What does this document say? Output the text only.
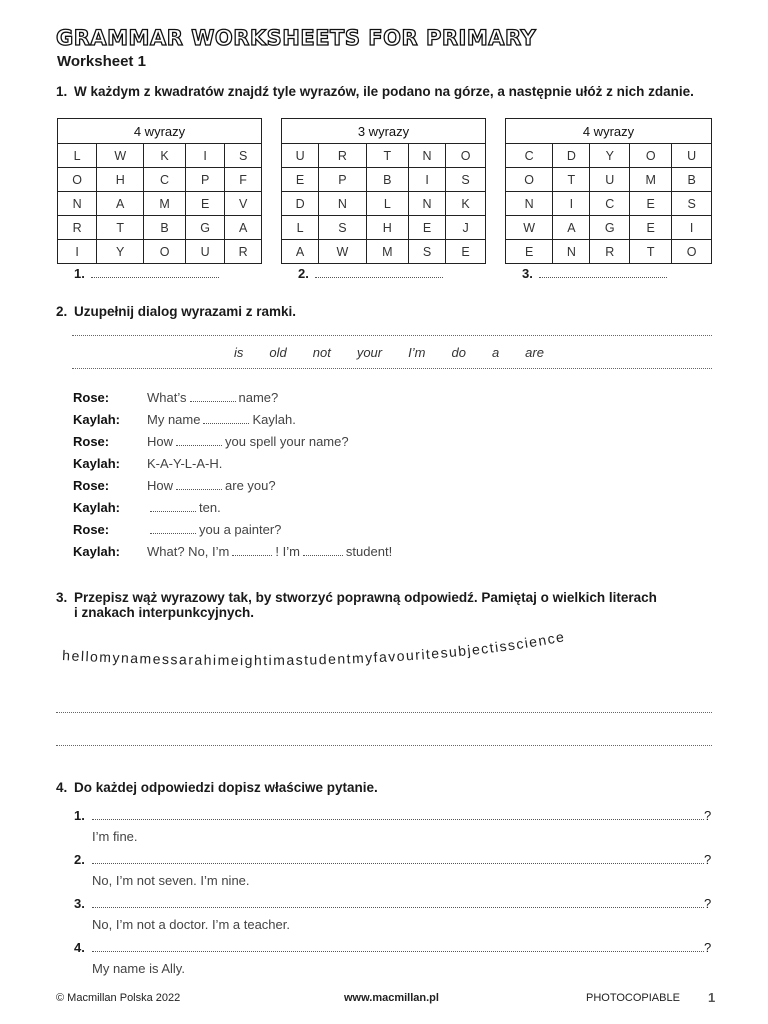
GRAMMAR WORKSHEETS FOR PRIMARY
Worksheet 1
1. W każdym z kwadratów znajdź tyle wyrazów, ile podano na górze, a następnie ułóż z nich zdanie.
4 wyrazy				
L	W	K	I	S
O	H	C	P	F
N	A	M	E	V
R	T	B	G	A
I	Y	O	U	R
3 wyrazy				
U	R	T	N	O
E	P	B	I	S
D	N	L	N	K
L	S	H	E	J
A	W	M	S	E
4 wyrazy				
C	D	Y	O	U
O	T	U	M	B
N	I	C	E	S
W	A	G	E	I
E	N	R	T	O
1.	2.	3.
2. Uzupełnij dialog wyrazami z ramki.
is old not your I’m do a are
Rose:	What’s	name?
Kaylah:	My name	Kaylah.
Rose:	How	you spell your name?
Kaylah:	K-A-Y-L-A-H.
Rose:	How	are you?
Kaylah:	ten.
Rose:	you a painter?
Kaylah:	What? No, I’m	! I’m	student!
3. Przepisz wąż wyrazowy tak, by stworzyć poprawną odpowiedź. Pamiętaj o wielkich literach
i znakach interpunkcyjnych.
hellomynamessarahimeightimastudentmyfavouritesubjectisscience
4. Do każdej odpowiedzi dopisz właściwe pytanie.
1.	?
I’m fine.
2.	?
No, I’m not seven. I’m nine.
3.	?
No, I’m not a doctor. I’m a teacher.
4.	?
My name is Ally.
© Macmillan Polska 2022	www.macmillan.pl	PHOTOCOPIABLE 1
